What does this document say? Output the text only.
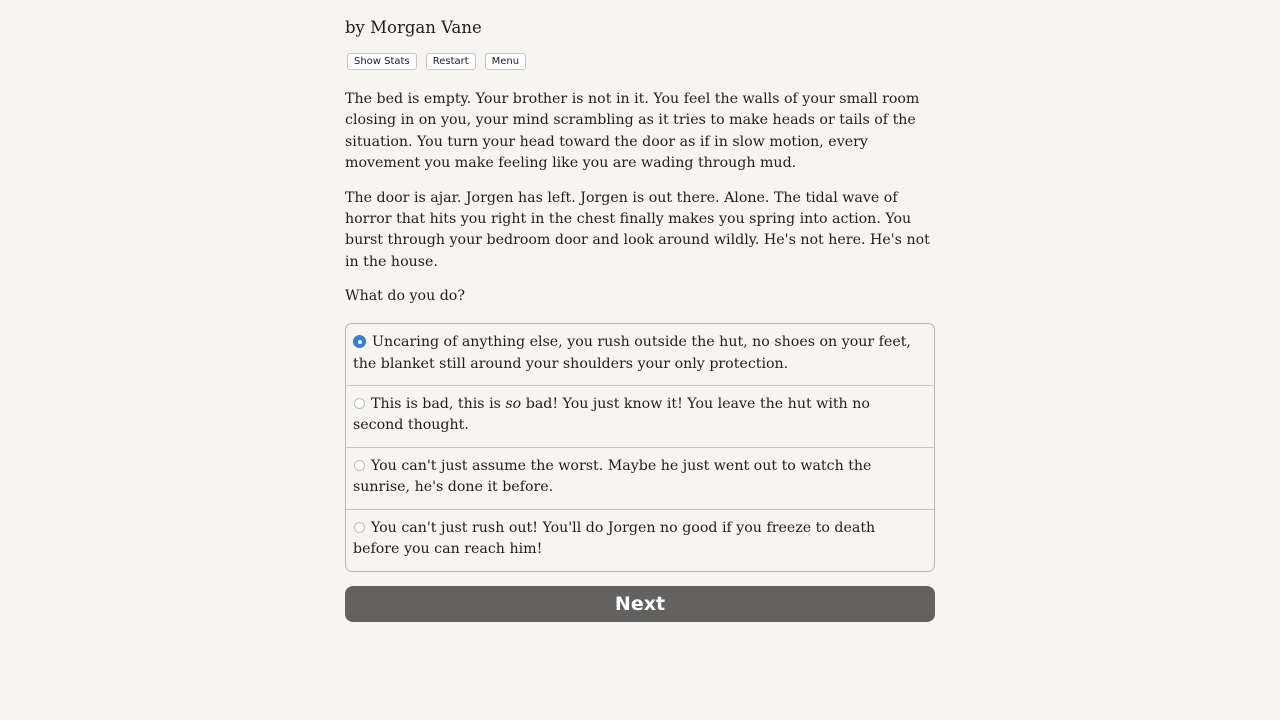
by Morgan Vane
Show Stats	Restart	Menu

The bed is empty. Your brother is not in it. You feel the walls of your small room closing in on you, your mind scrambling as it tries to make heads or tails of the situation. You turn your head toward the door as if in slow motion, every movement you make feeling like you are wading through mud.

The door is ajar. Jorgen has left. Jorgen is out there. Alone. The tidal wave of horror that hits you right in the chest finally makes you spring into action. You burst through your bedroom door and look around wildly. He's not here. He's not in the house.

What do you do?
Uncaring of anything else, you rush outside the hut, no shoes on your feet, the blanket still around your shoulders your only protection.
This is bad, this is so bad! You just know it! You leave the hut with no second thought.
You can't just assume the worst. Maybe he just went out to watch the sunrise, he's done it before.
You can't just rush out! You'll do Jorgen no good if you freeze to death before you can reach him!
Next
